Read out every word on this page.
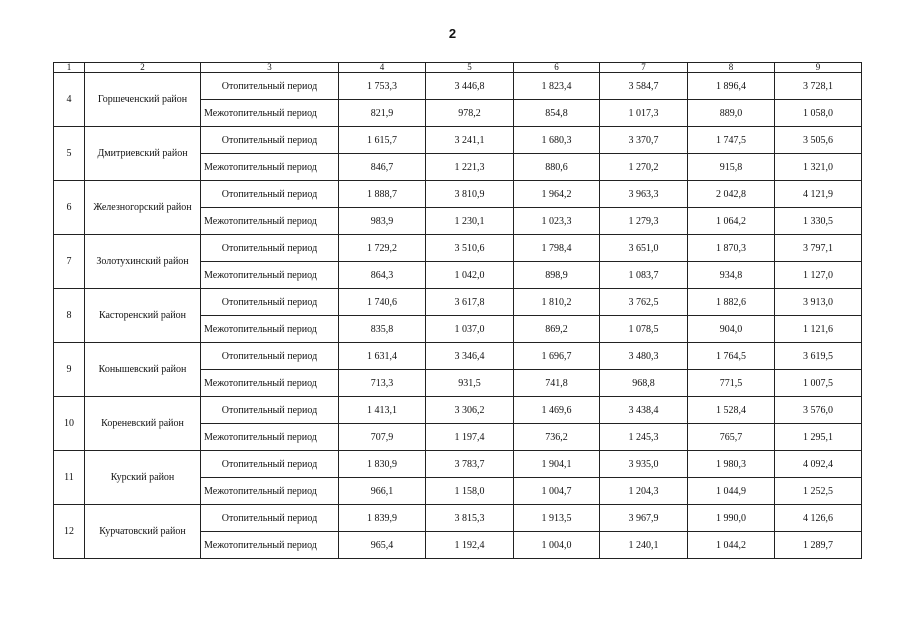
2
1	2	3	4	5	6	7	8	9
4	Горшеченский район	Отопительный период	1 753,3	3 446,8	1 823,4	3 584,7	1 896,4	3 728,1
		Межотопительный период	821,9	978,2	854,8	1 017,3	889,0	1 058,0
5	Дмитриевский район	Отопительный период	1 615,7	3 241,1	1 680,3	3 370,7	1 747,5	3 505,6
		Межотопительный период	846,7	1 221,3	880,6	1 270,2	915,8	1 321,0
6	Железногорский район	Отопительный период	1 888,7	3 810,9	1 964,2	3 963,3	2 042,8	4 121,9
		Межотопительный период	983,9	1 230,1	1 023,3	1 279,3	1 064,2	1 330,5
7	Золотухинский район	Отопительный период	1 729,2	3 510,6	1 798,4	3 651,0	1 870,3	3 797,1
		Межотопительный период	864,3	1 042,0	898,9	1 083,7	934,8	1 127,0
8	Касторенский район	Отопительный период	1 740,6	3 617,8	1 810,2	3 762,5	1 882,6	3 913,0
		Межотопительный период	835,8	1 037,0	869,2	1 078,5	904,0	1 121,6
9	Конышевский район	Отопительный период	1 631,4	3 346,4	1 696,7	3 480,3	1 764,5	3 619,5
		Межотопительный период	713,3	931,5	741,8	968,8	771,5	1 007,5
10	Кореневский район	Отопительный период	1 413,1	3 306,2	1 469,6	3 438,4	1 528,4	3 576,0
		Межотопительный период	707,9	1 197,4	736,2	1 245,3	765,7	1 295,1
11	Курский район	Отопительный период	1 830,9	3 783,7	1 904,1	3 935,0	1 980,3	4 092,4
		Межотопительный период	966,1	1 158,0	1 004,7	1 204,3	1 044,9	1 252,5
12	Курчатовский район	Отопительный период	1 839,9	3 815,3	1 913,5	3 967,9	1 990,0	4 126,6
		Межотопительный период	965,4	1 192,4	1 004,0	1 240,1	1 044,2	1 289,7
